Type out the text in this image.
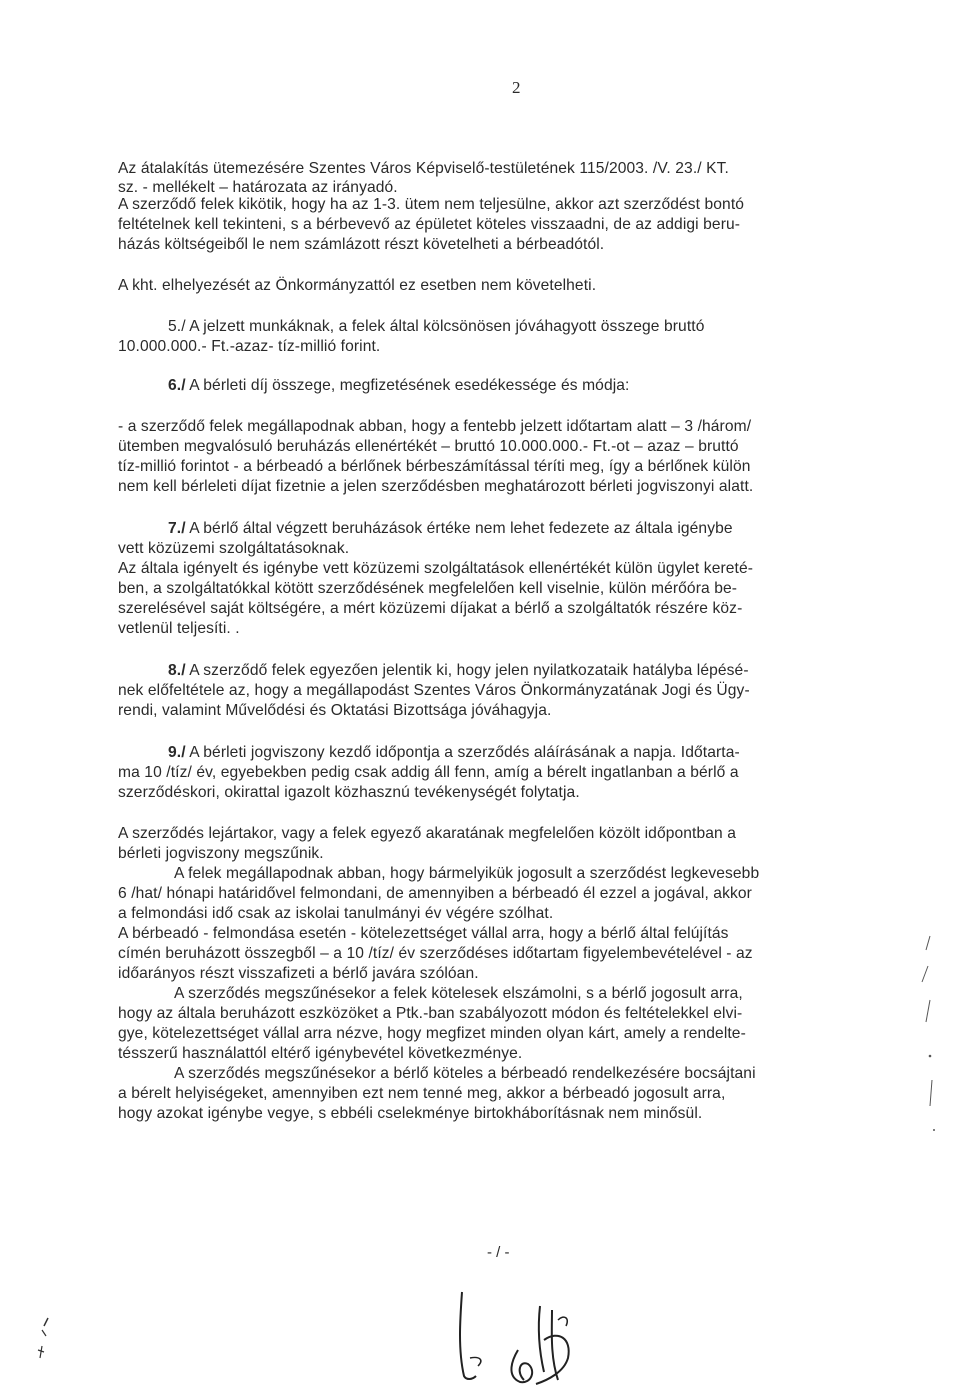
2
Az átalakítás ütemezésére Szentes Város Képviselő-testületének 115/2003. /V. 23./ KT.
sz. - mellékelt – határozata az irányadó.
A szerződő felek kikötik, hogy ha az 1-3. ütem nem teljesülne, akkor azt szerződést bontó
feltételnek kell tekinteni, s a bérbevevő az épületet köteles visszaadni, de az addigi beru-
házás költségeiből le nem számlázott részt követelheti a bérbeadótól.
A kht. elhelyezését az Önkormányzattól ez esetben nem követelheti.
5./ A jelzett munkáknak, a felek által kölcsönösen jóváhagyott összege bruttó
10.000.000.- Ft.-azaz- tíz-millió forint.
6./ A bérleti díj összege, megfizetésének esedékessége és módja:
- a szerződő felek megállapodnak abban, hogy a fentebb jelzett időtartam alatt – 3 /három/
ütemben megvalósuló beruházás ellenértékét – bruttó 10.000.000.- Ft.-ot – azaz – bruttó
tíz-millió forintot - a bérbeadó a bérlőnek bérbeszámítással téríti meg, így a bérlőnek külön
nem kell bérleleti díjat fizetnie a jelen szerződésben meghatározott bérleti jogviszonyi alatt.
7./ A bérlő által végzett beruházások értéke nem lehet fedezete az általa igénybe
vett közüzemi szolgáltatásoknak.
Az általa igényelt és igénybe vett közüzemi szolgáltatások ellenértékét külön ügylet kereté-
ben, a szolgáltatókkal kötött szerződésének megfelelően kell viselnie, külön mérőóra be-
szerelésével saját költségére, a mért közüzemi díjakat a bérlő a szolgáltatók részére köz-
vetlenül teljesíti. .
8./ A szerződő felek egyezően jelentik ki, hogy jelen nyilatkozataik hatályba lépésé-
nek előfeltétele az, hogy a megállapodást Szentes Város Önkormányzatának Jogi és Ügy-
rendi, valamint Művelődési és Oktatási Bizottsága jóváhagyja.
9./ A bérleti jogviszony kezdő időpontja a szerződés aláírásának a napja. Időtarta-
ma 10 /tíz/ év, egyebekben pedig csak addig áll fenn, amíg a bérelt ingatlanban a bérlő a
szerződéskori, okirattal igazolt közhasznú tevékenységét folytatja.
A szerződés lejártakor, vagy a felek egyező akaratának megfelelően közölt időpontban a
bérleti jogviszony megszűnik.
A felek megállapodnak abban, hogy bármelyikük jogosult a szerződést legkevesebb
6 /hat/ hónapi határidővel felmondani, de amennyiben a bérbeadó él ezzel a jogával, akkor
a felmondási idő csak az iskolai tanulmányi év végére szólhat.
A bérbeadó - felmondása esetén - kötelezettséget vállal arra, hogy a bérlő által felújítás
címén beruházott összegből – a 10 /tíz/ év szerződéses időtartam figyelembevételével - az
időarányos részt visszafizeti a bérlő javára szólóan.
A szerződés megszűnésekor a felek kötelesek elszámolni, s a bérlő jogosult arra,
hogy az általa beruházott eszközöket a Ptk.-ban szabályozott módon és feltételekkel elvi-
gye, kötelezettséget vállal arra nézve, hogy megfizet minden olyan kárt, amely a rendelte-
tésszerű használattól eltérő igénybevétel következménye.
A szerződés megszűnésekor a bérlő köteles a bérbeadó rendelkezésére bocsájtani
a bérelt helyiségeket, amennyiben ezt nem tenné meg, akkor a bérbeadó jogosult arra,
hogy azokat igénybe vegye, s ebbéli cselekménye birtokháborításnak nem minősül.
- / -
